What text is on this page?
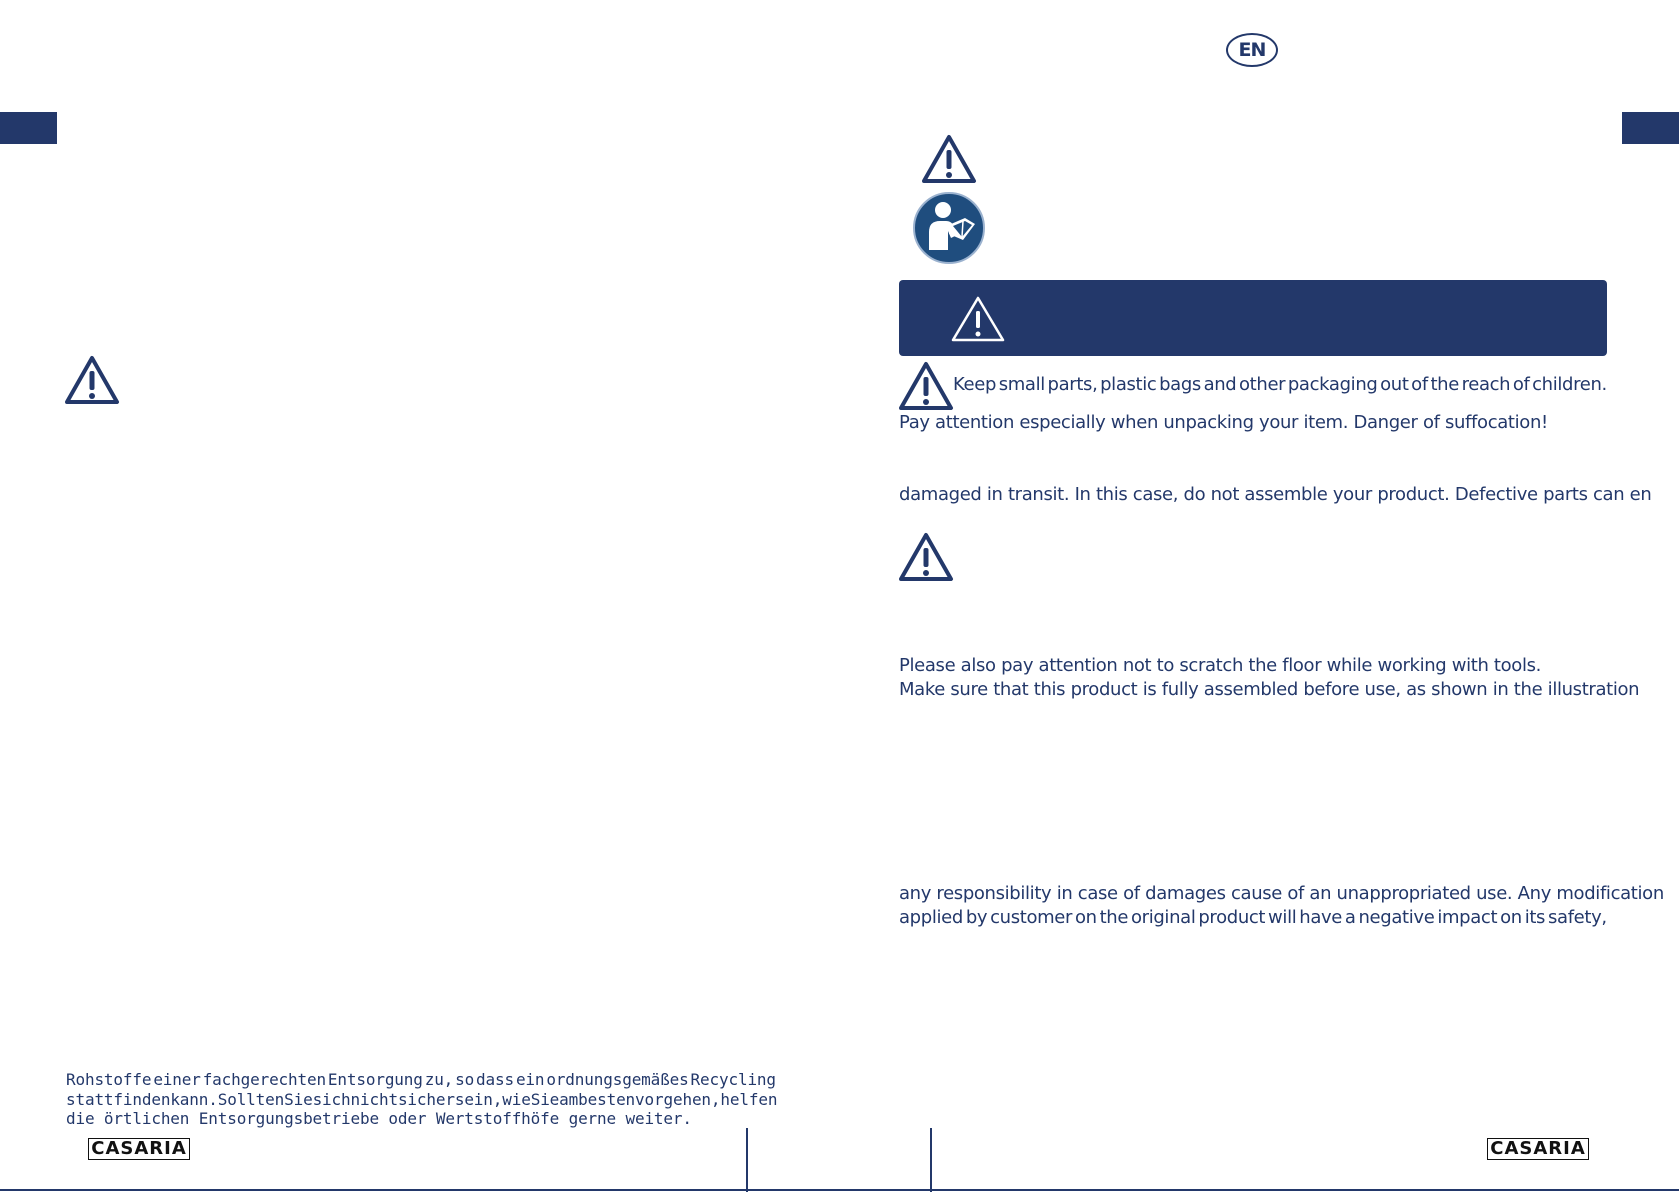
EN
Keep small parts, plastic bags and other packaging out of the reach of children.
Pay attention especially when unpacking your item. Danger of suffocation!
damaged in transit. In this case, do not assemble your product. Defective parts can en
Please also pay attention not to scratch the floor while working with tools.
Make sure that this product is fully assembled before use, as shown in the illustration
any responsibility in case of damages cause of an unappropriated use. Any modification
applied by customer on the original product will have a negative impact on its safety,
Rohstoffe einer fachgerechten Entsorgung zu, so dass ein ordnungsgemäßes Recycling
stattfinden kann. Sollten Sie sich nicht sicher sein, wie Sie am besten vorgehen, helfen
die örtlichen Entsorgungsbetriebe oder Wertstoffhöfe gerne weiter.
CASARIA	CASARIA
